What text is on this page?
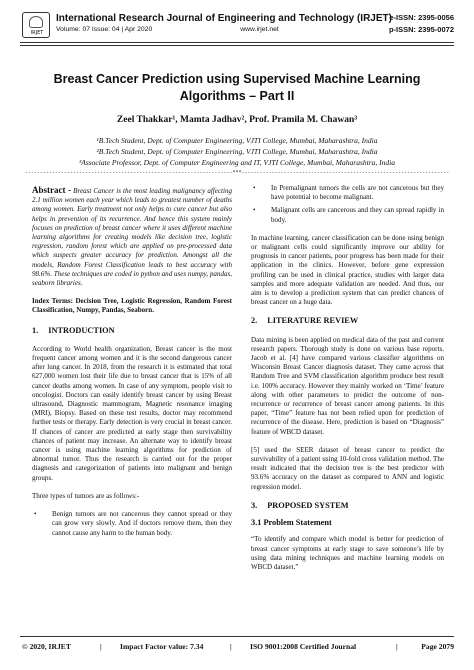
IRJET
International Research Journal of Engineering and Technology (IRJET)
Volume: 07 Issue: 04 | Apr 2020	www.irjet.net
e-ISSN: 2395-0056
p-ISSN: 2395-0072
Breast Cancer Prediction using Supervised Machine Learning
Algorithms – Part II
Zeel Thakkar¹, Mamta Jadhav², Prof. Pramila M. Chawan³
¹B.Tech Student, Dept. of Computer Engineering, VJTI College, Mumbai, Maharashtra, India
²B.Tech Student, Dept. of Computer Engineering, VJTI College, Mumbai, Maharashtra, India
³Associate Professor, Dept. of Computer Engineering and IT, VJTI College, Mumbai, Maharashtra, India
---------------------------------------------------------------------***---------------------------------------------------------------------
Abstract - Breast Cancer is the most leading malignancy affecting 2.1 million women each year which leads to greatest number of deaths among women. Early treatment not only helps to cure cancer but also helps in prevention of its recurrence. And hence this system mainly focuses on prediction of breast cancer where it uses different machine learning algorithms for creating models like decision tree, logistic regression, random forest which are applied on pre-processed data which suspects greater accuracy for prediction. Amongst all the models, Random Forest Classification leads to best accuracy with 98.6%. These techniques are coded in python and uses numpy, pandas, seaborn libraries.
Index Terms: Decision Tree, Logistic Regression, Random Forest Classification, Numpy, Pandas, Seaborn.
1. INTRODUCTION
According to World health organization, Breast cancer is the most frequent cancer among women and it is the second dangerous cancer after lung cancer. In 2018, from the research it is estimated that total 627,000 women lost their life due to breast cancer that is 15% of all cancer deaths among women. In case of any symptom, people visit to oncologist. Doctors can easily identify breast cancer by using Breast ultrasound, Diagnostic mammogram, Magnetic resonance imaging (MRI), Biopsy. Based on these test results, doctor may recommend further tests or therapy. Early detection is very crucial in breast cancer. If chances of cancer are predicted at early stage then survivability chances of patient may increase. An alternate way to identify breast cancer is using machine learning algorithms for prediction of abnormal tumor. Thus the research is carried out for the proper diagnosis and categorization of patients into malignant and benign groups.
Three types of tumors are as follows:-
• Benign tumors are not cancerous they cannot spread or they can grow very slowly. And if doctors remove them, then they cannot cause any harm to the human body.
• In Premalignant tumors the cells are not cancerous but they have potential to become malignant.
• Malignant cells are cancerous and they can spread rapidly in body.
In machine learning, cancer classification can be done using benign or malignant cells could significantly improve our ability for prognosis in cancer patients, poor progress has been made for their application in the clinics. However, before gene expression profiling can be used in clinical practice, studies with larger data samples and more adequate validation are needed. And thus, our aim is to develop a prediction system that can predict chances of breast cancer on a huge data.
2. LITERATURE REVIEW
Data mining is been applied on medical data of the past and current research papers. Thorough study is done on various base reports. Jacob et al. [4] have compared various classifier algorithms on Wisconsin Breast Cancer diagnosis dataset. They came across that Random Tree and SVM classification algorithm produce best result i.e. 100% accuracy. However they mainly worked on ‘Time’ feature along with other parameters to predict the outcome of non-recurrence or recurrence of breast cancer among patients. In this paper, “Time” feature has not been relied upon for prediction of recurrence of the disease. Here, prediction is based on “Diagnosis” feature of WBCD dataset.
[5] used the SEER dataset of breast cancer to predict the survivability of a patient using 10-fold cross validation method. The result indicated that the decision tree is the best predictor with 93.6% accuracy on the dataset as compared to ANN and logistic regression model.
3. PROPOSED SYSTEM
3.1 Problem Statement
“To identify and compare which model is better for prediction of breast cancer symptoms at early stage to save someone’s life by using data mining techniques and machine learning models on WBCD dataset.”
© 2020, IRJET	| Impact Factor value: 7.34	| ISO 9001:2008 Certified Journal	|	Page 2079
